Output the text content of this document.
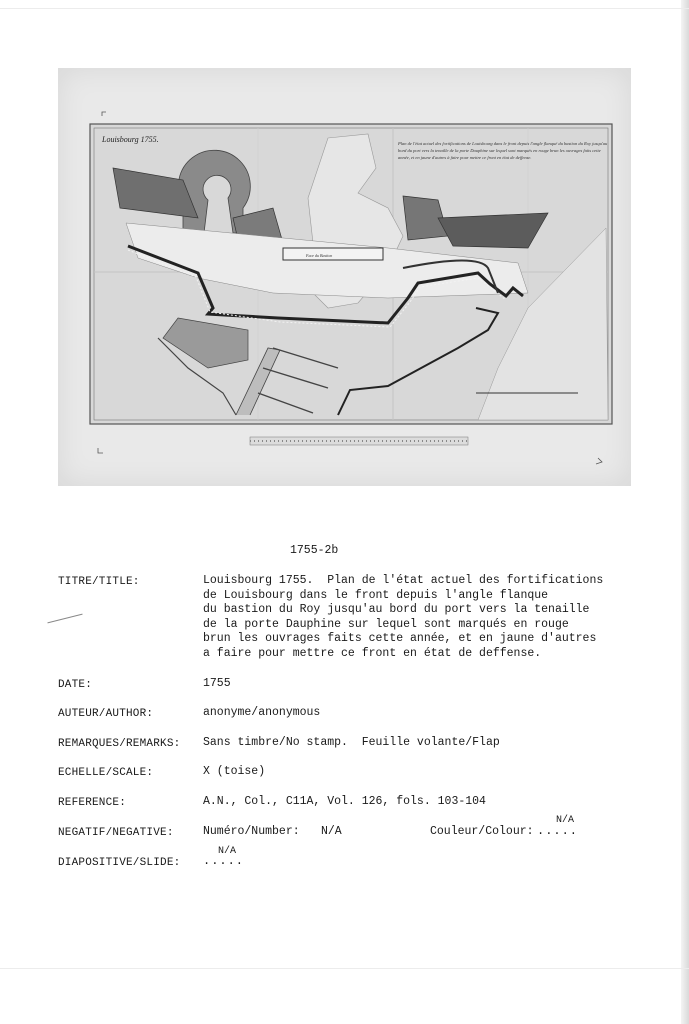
Louisbourg 1755.	Plan de l'état actuel des fortifications de Louisbourg dans le front depuis l'angle flanqué du bastion du Roy jusqu'au bord du port vers la tenaille de la porte Dauphine sur lequel sont marqués en rouge brun les ouvrages faits cette année, et en jaune d'autres à faire pour mettre ce front en état de deffense.
Face du Bastion
1755-2b
TITRE/TITLE:	Louisbourg 1755.  Plan de l'état actuel des fortifications
de Louisbourg dans le front depuis l'angle flanque
du bastion du Roy jusqu'au bord du port vers la tenaille
de la porte Dauphine sur lequel sont marqués en rouge
brun les ouvrages faits cette année, et en jaune d'autres
a faire pour mettre ce front en état de deffense.
DATE:	1755
AUTEUR/AUTHOR:	anonyme/anonymous
REMARQUES/REMARKS: Sans timbre/No stamp.  Feuille volante/Flap
ECHELLE/SCALE:	X (toise)
REFERENCE:	A.N., Col., C11A, Vol. 126, fols. 103-104
NEGATIF/NEGATIVE:	Numéro/Number: N/A	Couleur/Colour: .....
N/A
DIAPOSITIVE/SLIDE: .....
N/A
